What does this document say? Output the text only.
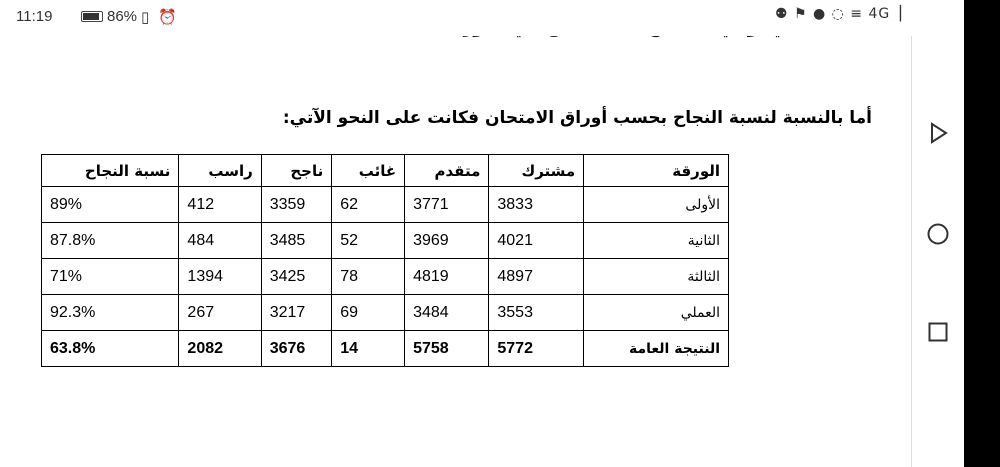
11:19	86% ▯ ⏰	⚉ ⚑ ● ◌ ≡ 4G▕
أما بالنسبة لنسبة النجاح بحسب أوراق الامتحان فكانت على النحو الآتي:
الورقة	مشترك	متقدم	غائب	ناجح	راسب	نسبة النجاح
الأولى	3833	3771	62	3359	412	89%
الثانية	4021	3969	52	3485	484	87.8%
الثالثة	4897	4819	78	3425	1394	71%
العملي	3553	3484	69	3217	267	92.3%
النتيجة العامة	5772	5758	14	3676	2082	63.8%
